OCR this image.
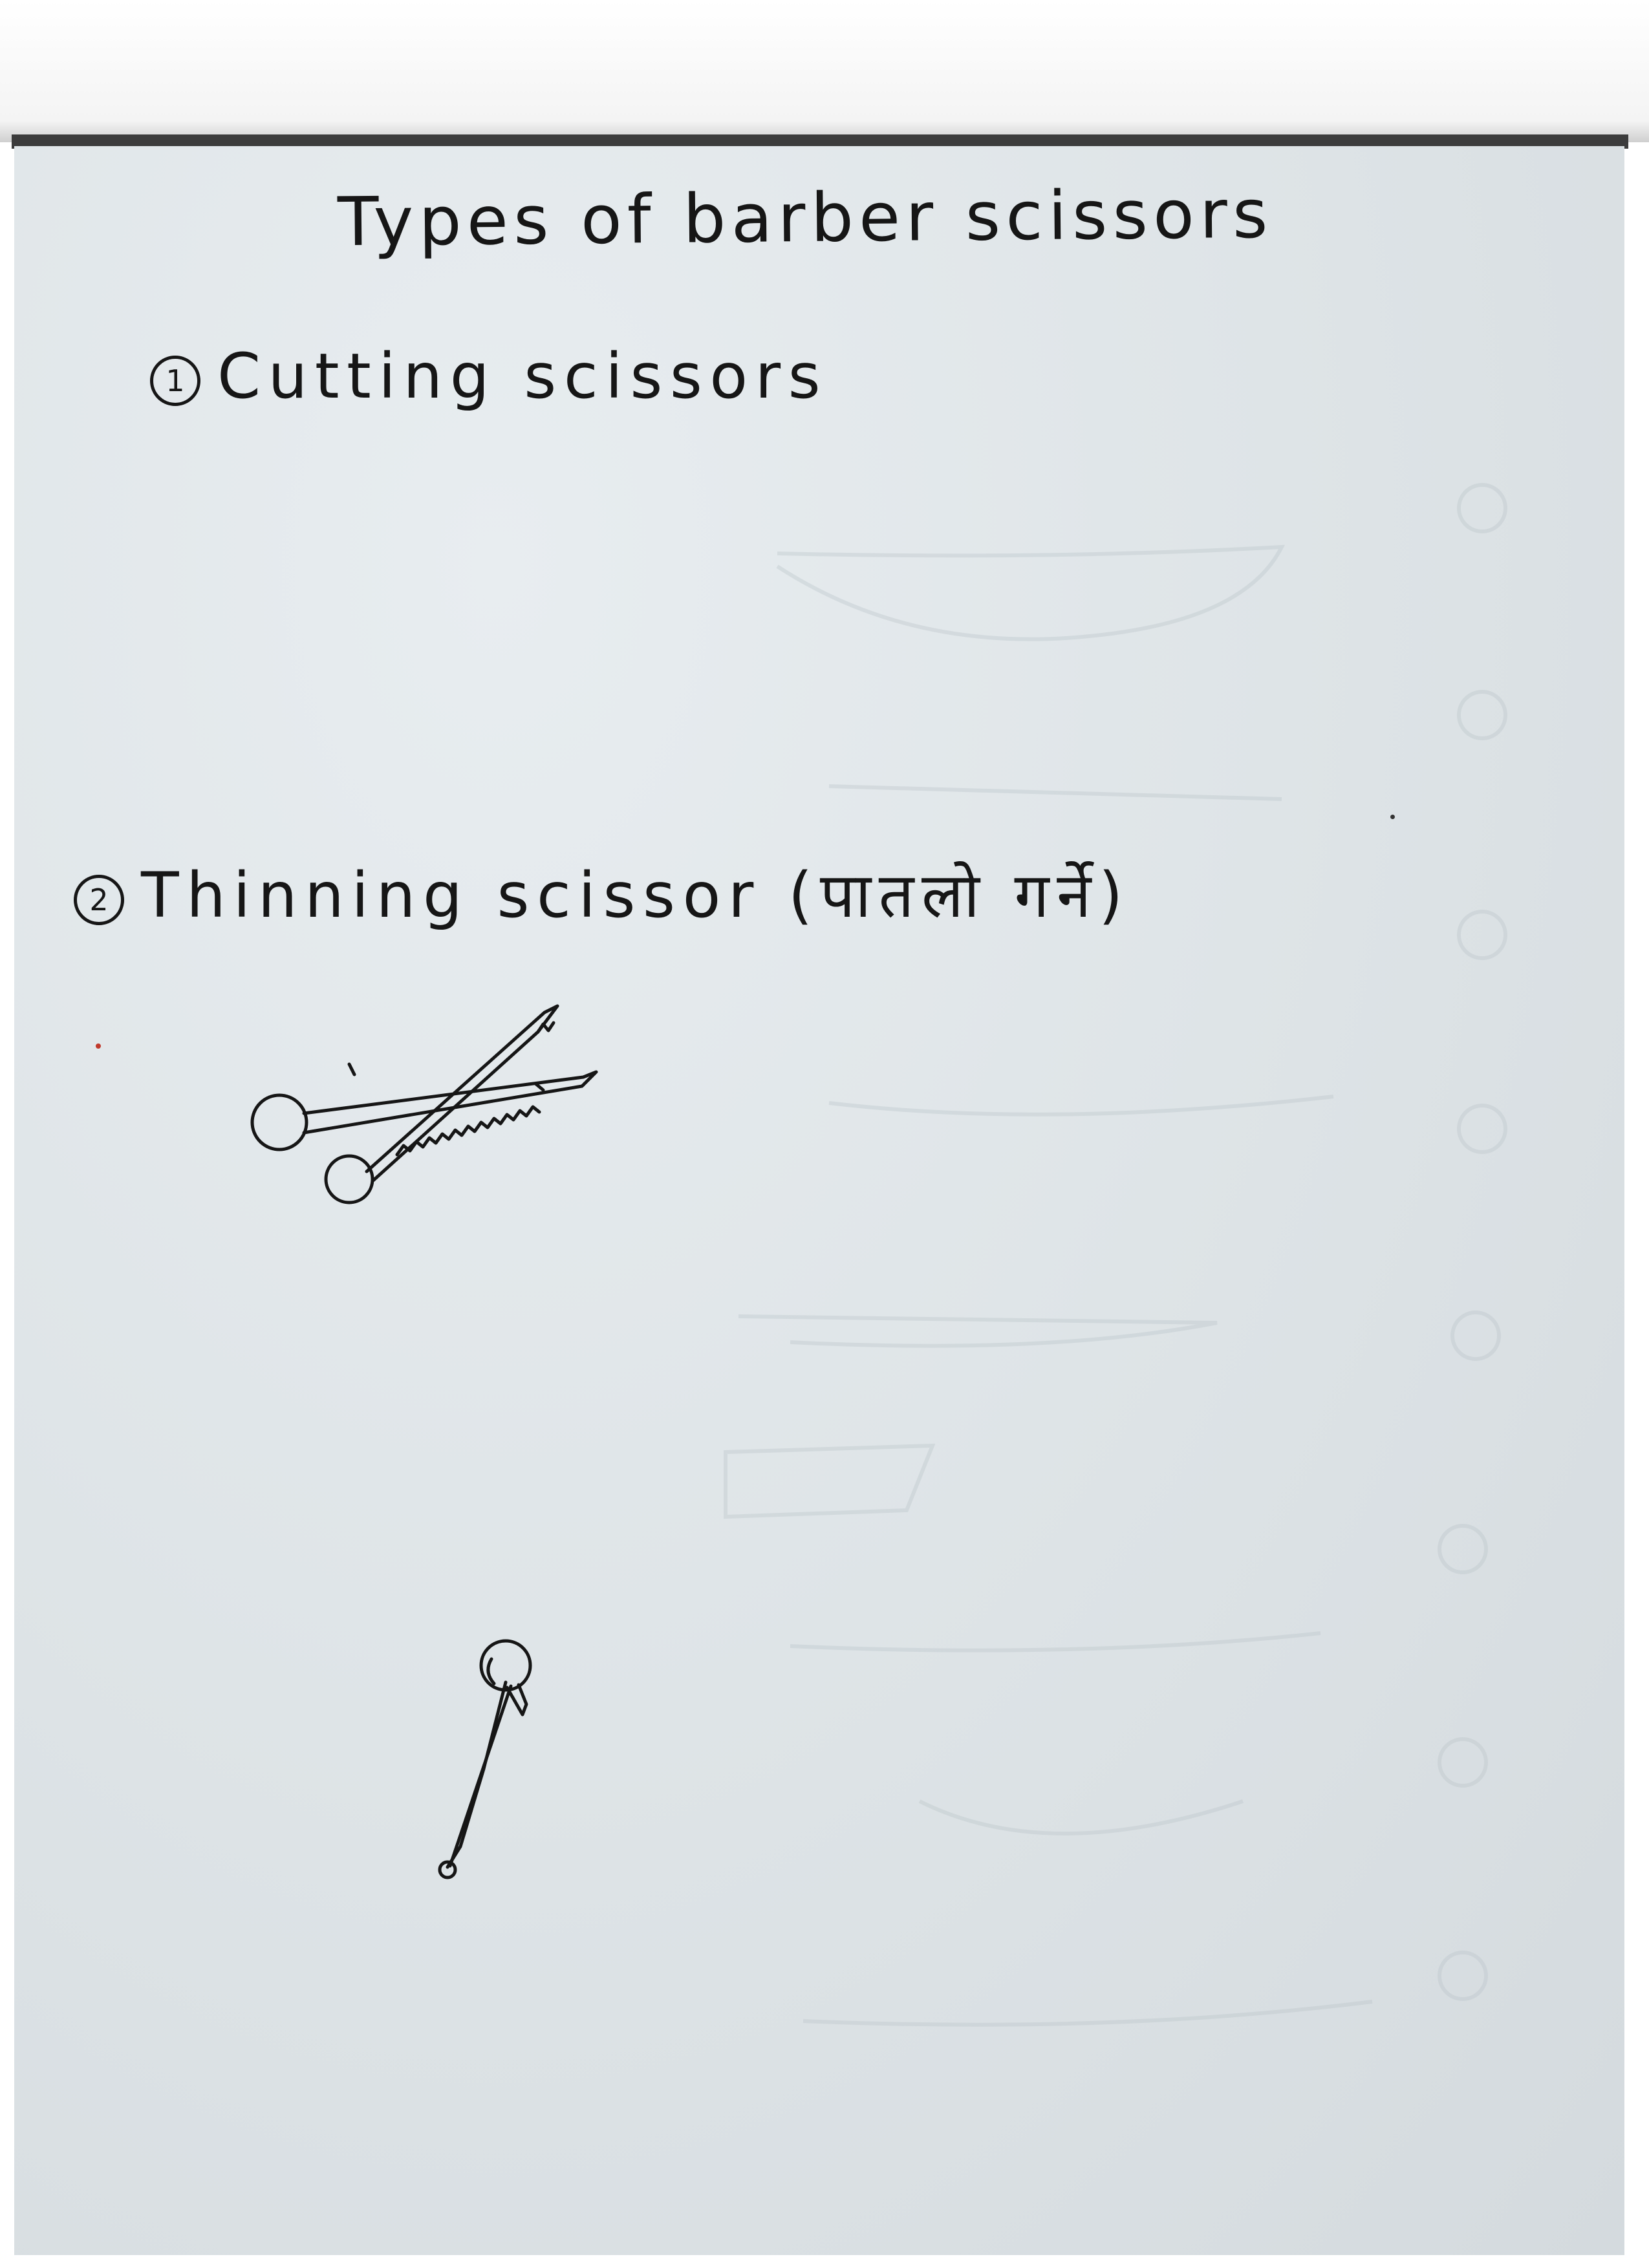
Types of barber scissors
1 Cutting scissors
2 Thinning scissor (पातलो गर्ने)
